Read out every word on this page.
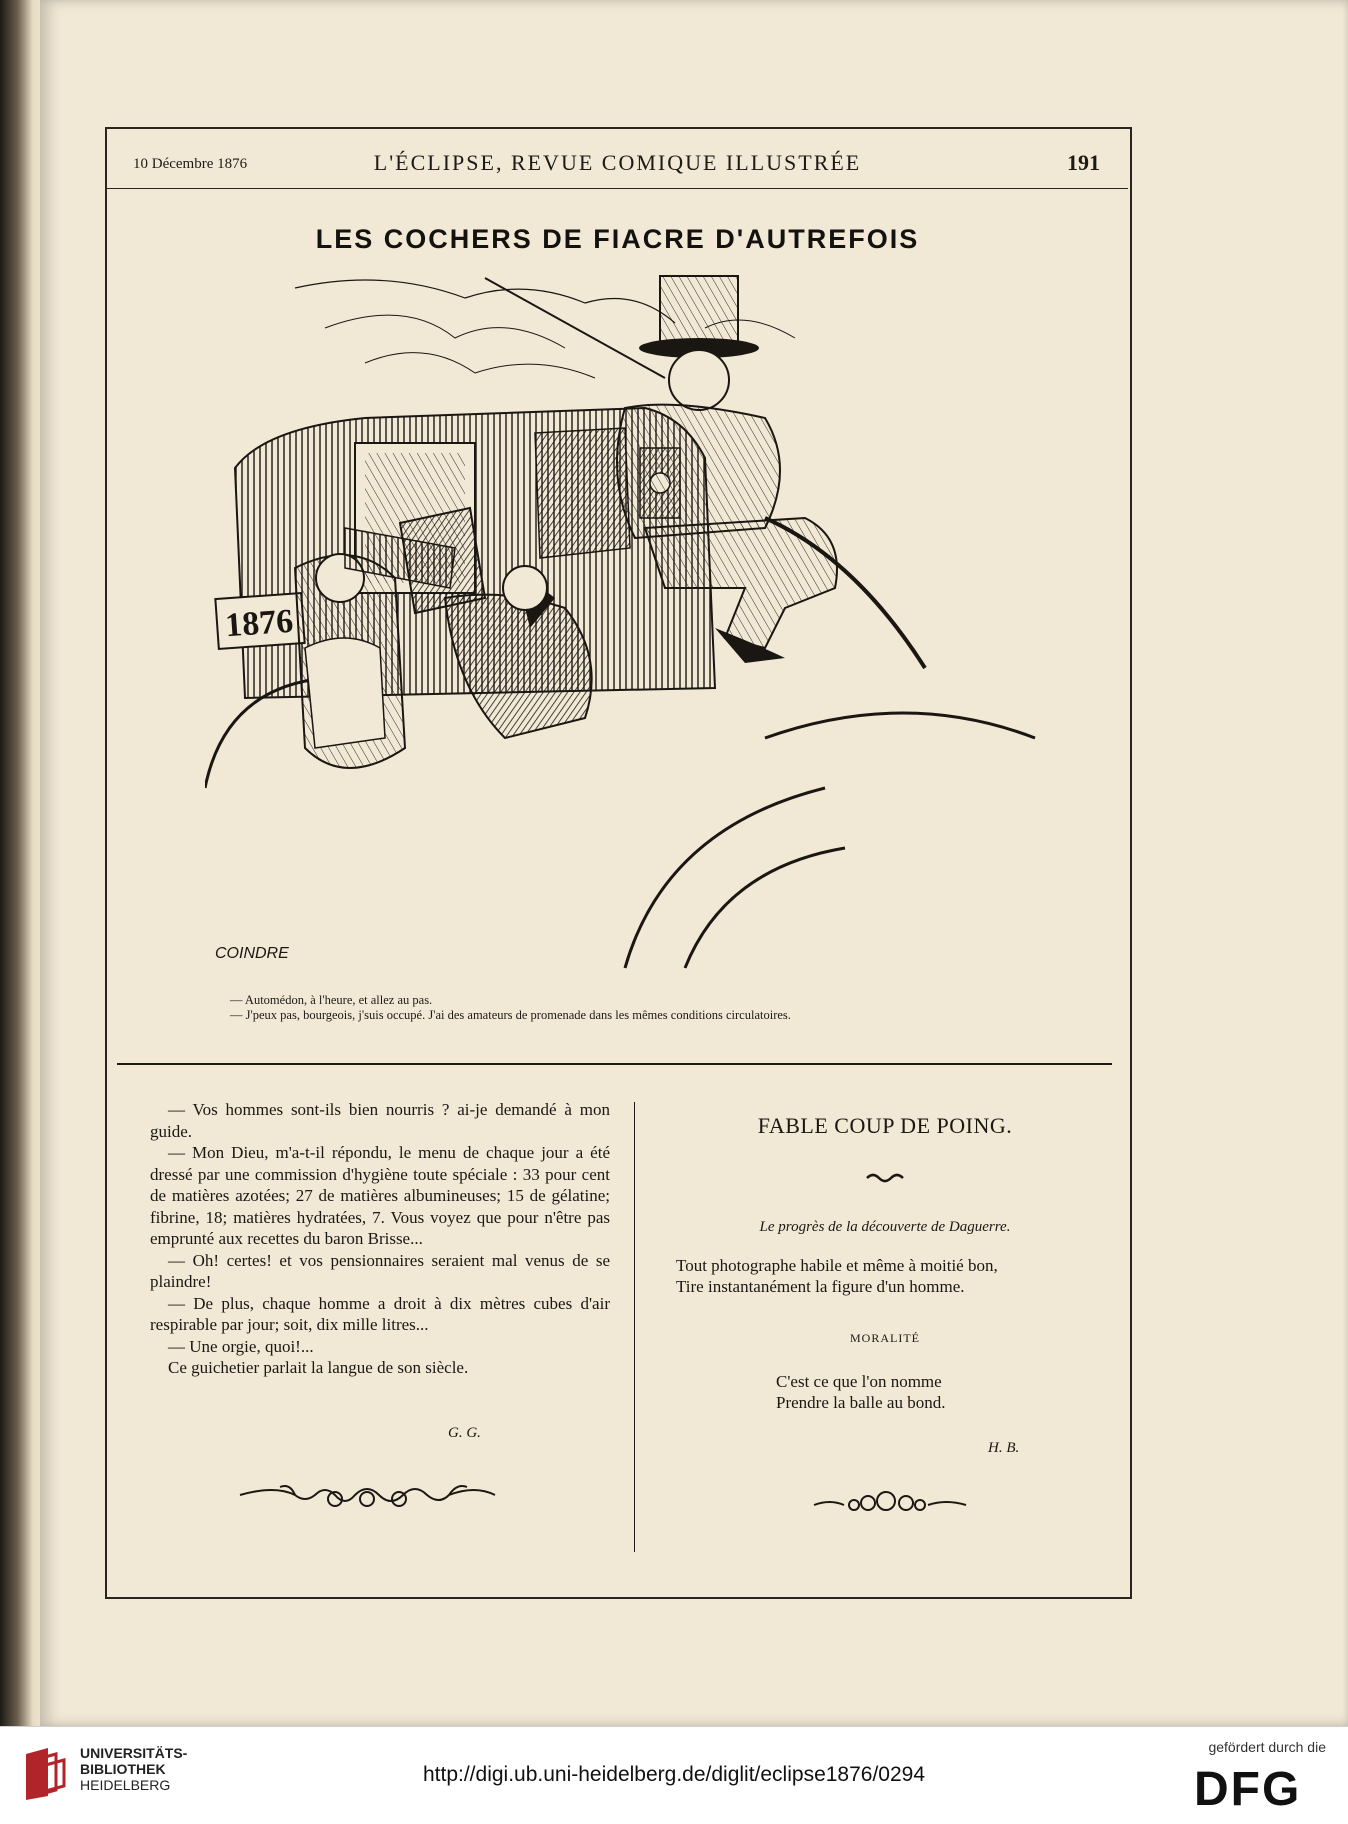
10 Décembre 1876	L'ÉCLIPSE, REVUE COMIQUE ILLUSTRÉE	191
LES COCHERS DE FIACRE D'AUTREFOIS
1876
COINDRE
— Automédon, à l'heure, et allez au pas.
— J'peux pas, bourgeois, j'suis occupé. J'ai des amateurs de promenade dans les mêmes conditions circulatoires.

— Vos hommes sont-ils bien nourris ? ai-je demandé à mon guide.

— Mon Dieu, m'a-t-il répondu, le menu de chaque jour a été dressé par une commission d'hygiène toute spéciale : 33 pour cent de matières azotées; 27 de matières albumineuses; 15 de gélatine; fibrine, 18; matières hydratées, 7. Vous voyez que pour n'être pas emprunté aux recettes du baron Brisse...

— Oh! certes! et vos pensionnaires seraient mal venus de se plaindre!

— De plus, chaque homme a droit à dix mètres cubes d'air respirable par jour; soit, dix mille litres...

— Une orgie, quoi!...

Ce guichetier parlait la langue de son siècle.

G. G.
FABLE COUP DE POING.
Le progrès de la découverte de Daguerre.
Tout photographe habile et même à moitié bon,
Tire instantanément la figure d'un homme.
MORALITÉ
C'est ce que l'on nomme
Prendre la balle au bond.
H. B.
UNIVERSITÄTS-
BIBLIOTHEK
HEIDELBERG	http://digi.ub.uni-heidelberg.de/diglit/eclipse1876/0294
gefördert durch die
DFG
